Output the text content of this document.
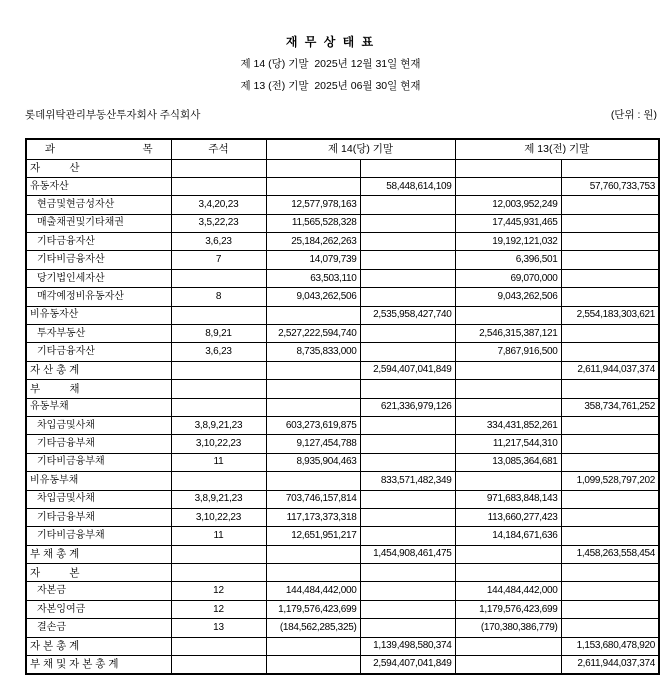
재 무 상 태 표
제 14 (당) 기말  2025년 12월 31일 현재
제 13 (전) 기말  2025년 06월 30일 현재
롯데위탁관리부동산투자회사 주식회사	(단위 : 원)
과                              목	주석	제 14(당) 기말		제 13(전) 기말	
자          산					
유동자산			58,448,614,109		57,760,733,753
현금및현금성자산	3,4,20,23	12,577,978,163		12,003,952,249	
매출채권및기타채권	3,5,22,23	11,565,528,328		17,445,931,465	
기타금융자산	3,6,23	25,184,262,263		19,192,121,032	
기타비금융자산	7	14,079,739		6,396,501	
당기법인세자산		63,503,110		69,070,000	
매각예정비유동자산	8	9,043,262,506		9,043,262,506	
비유동자산			2,535,958,427,740		2,554,183,303,621
투자부동산	8,9,21	2,527,222,594,740		2,546,315,387,121	
기타금융자산	3,6,23	8,735,833,000		7,867,916,500	
자 산 총 계			2,594,407,041,849		2,611,944,037,374
부          채					
유동부채			621,336,979,126		358,734,761,252
차입금및사채	3,8,9,21,23	603,273,619,875		334,431,852,261	
기타금융부채	3,10,22,23	9,127,454,788		11,217,544,310	
기타비금융부채	11	8,935,904,463		13,085,364,681	
비유동부채			833,571,482,349		1,099,528,797,202
차입금및사채	3,8,9,21,23	703,746,157,814		971,683,848,143	
기타금융부채	3,10,22,23	117,173,373,318		113,660,277,423	
기타비금융부채	11	12,651,951,217		14,184,671,636	
부 채 총 계			1,454,908,461,475		1,458,263,558,454
자          본					
자본금	12	144,484,442,000		144,484,442,000	
자본잉여금	12	1,179,576,423,699		1,179,576,423,699	
결손금	13	(184,562,285,325)		(170,380,386,779)	
자 본 총 계			1,139,498,580,374		1,153,680,478,920
부 채 및 자 본 총 계			2,594,407,041,849		2,611,944,037,374
